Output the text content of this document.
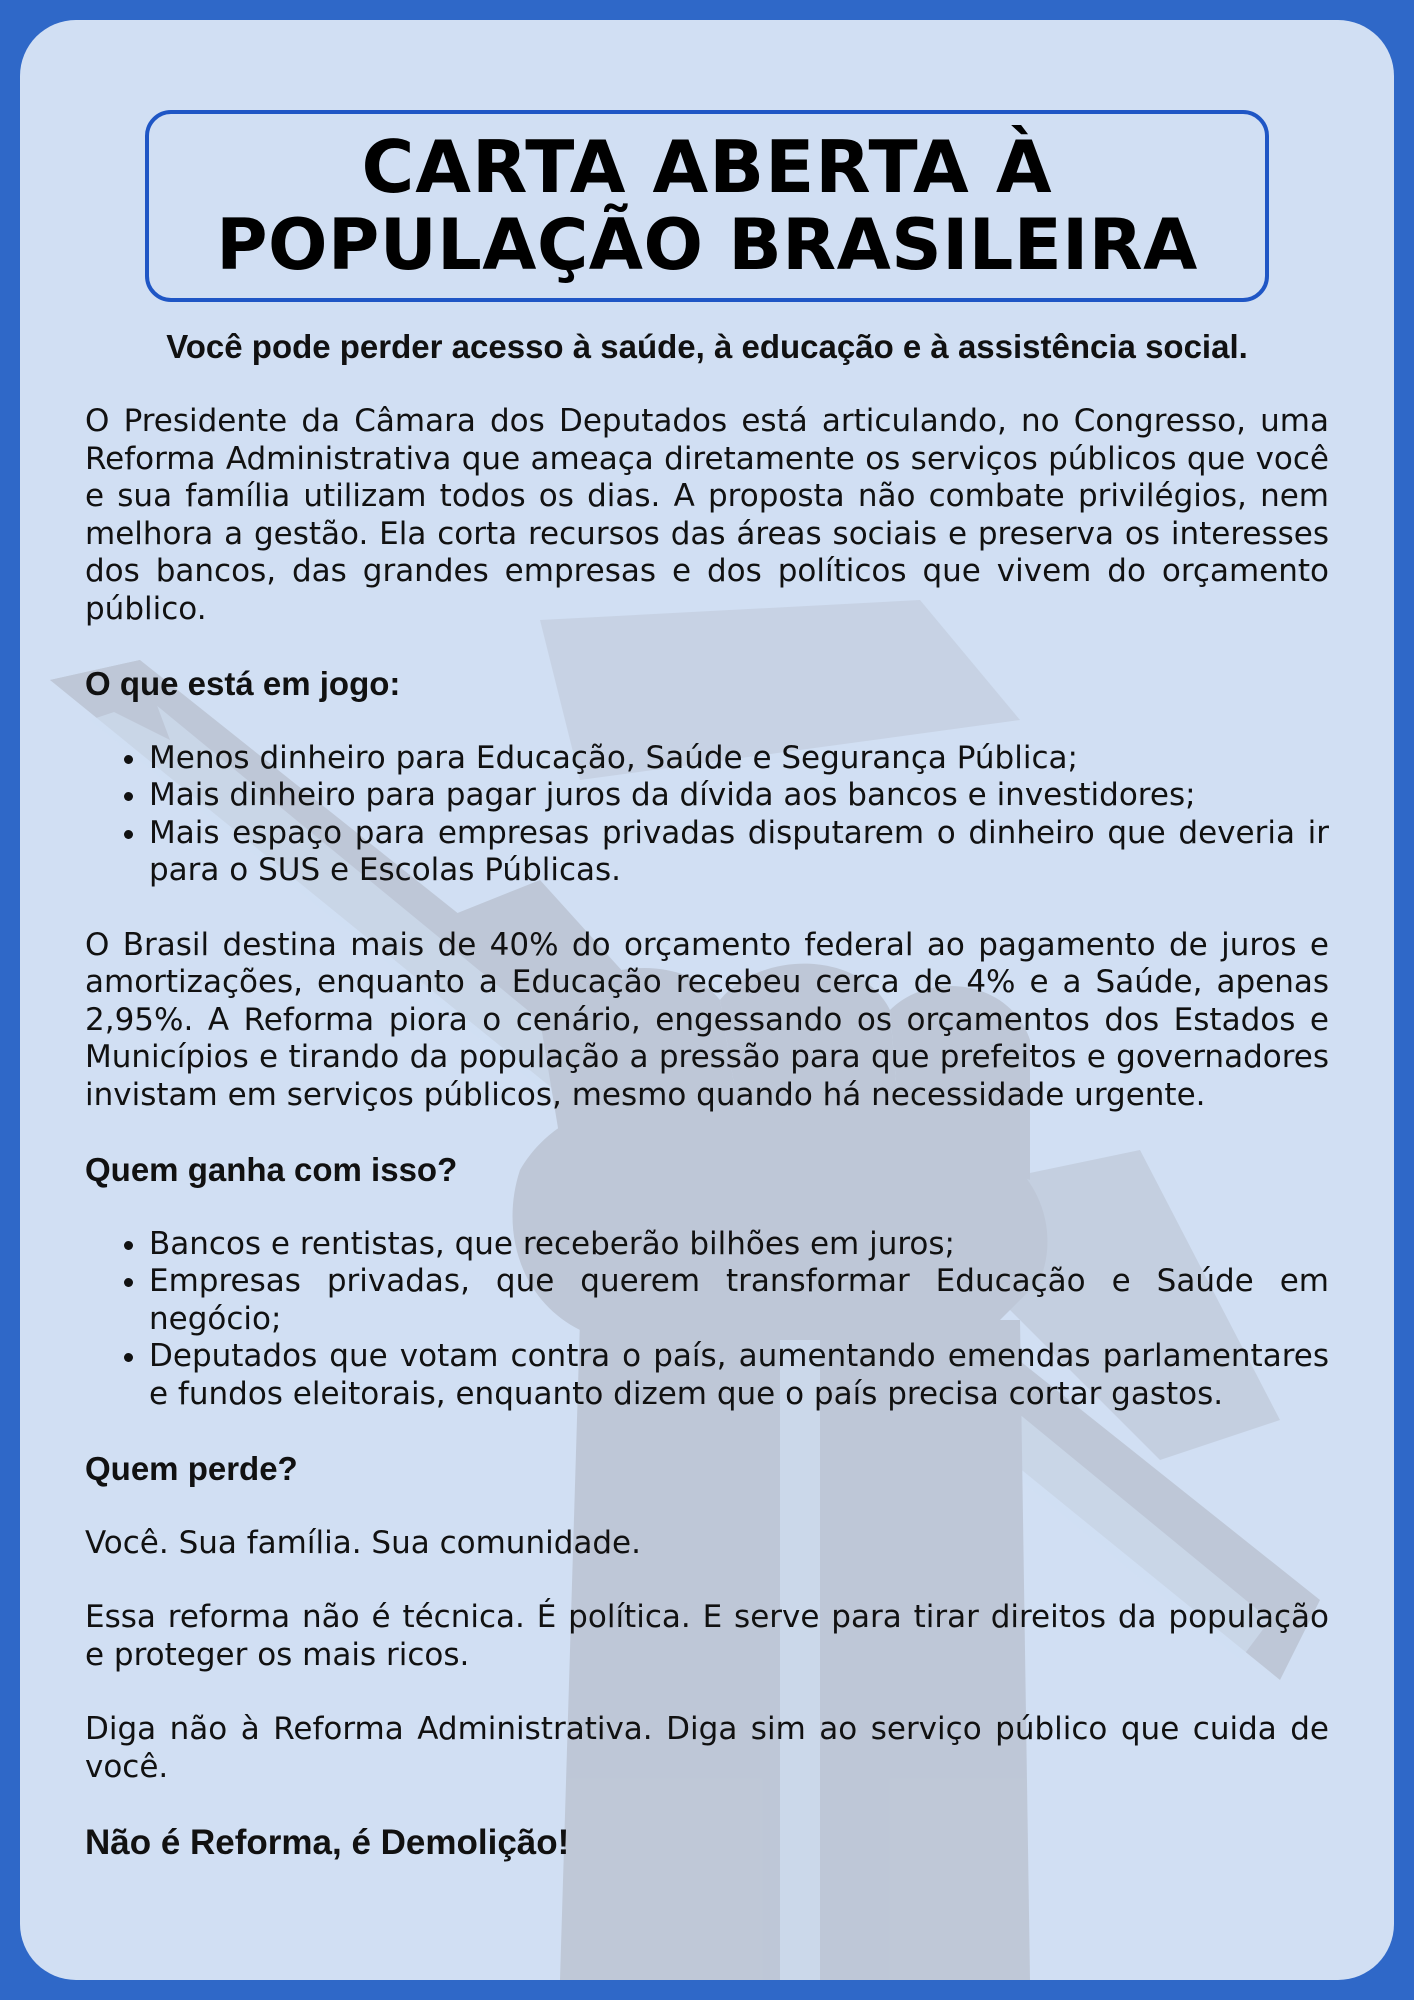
CARTA ABERTA À
POPULAÇÃO BRASILEIRA
Você pode perder acesso à saúde, à educação e à assistência social.

O Presidente da Câmara dos Deputados está articulando, no Congresso, uma Reforma Administrativa que ameaça diretamente os serviços públicos que você e sua família utilizam todos os dias. A proposta não combate privilégios, nem melhora a gestão. Ela corta recursos das áreas sociais e preserva os interesses dos bancos, das grandes empresas e dos políticos que vivem do orçamento público.

O que está em jogo:
• Menos dinheiro para Educação, Saúde e Segurança Pública;
• Mais dinheiro para pagar juros da dívida aos bancos e investidores;
• Mais espaço para empresas privadas disputarem o dinheiro que deveria ir para o SUS e Escolas Públicas.

O Brasil destina mais de 40% do orçamento federal ao pagamento de juros e amortizações, enquanto a Educação recebeu cerca de 4% e a Saúde, apenas 2,95%. A Reforma piora o cenário, engessando os orçamentos dos Estados e Municípios e tirando da população a pressão para que prefeitos e governadores invistam em serviços públicos, mesmo quando há necessidade urgente.

Quem ganha com isso?
• Bancos e rentistas, que receberão bilhões em juros;
• Empresas privadas, que querem transformar Educação e Saúde em negócio;
• Deputados que votam contra o país, aumentando emendas parlamentares e fundos eleitorais, enquanto dizem que o país precisa cortar gastos.
Quem perde?

Você. Sua família. Sua comunidade.

Essa reforma não é técnica. É política. E serve para tirar direitos da população e proteger os mais ricos.

Diga não à Reforma Administrativa. Diga sim ao serviço público que cuida de você.

Não é Reforma, é Demolição!
